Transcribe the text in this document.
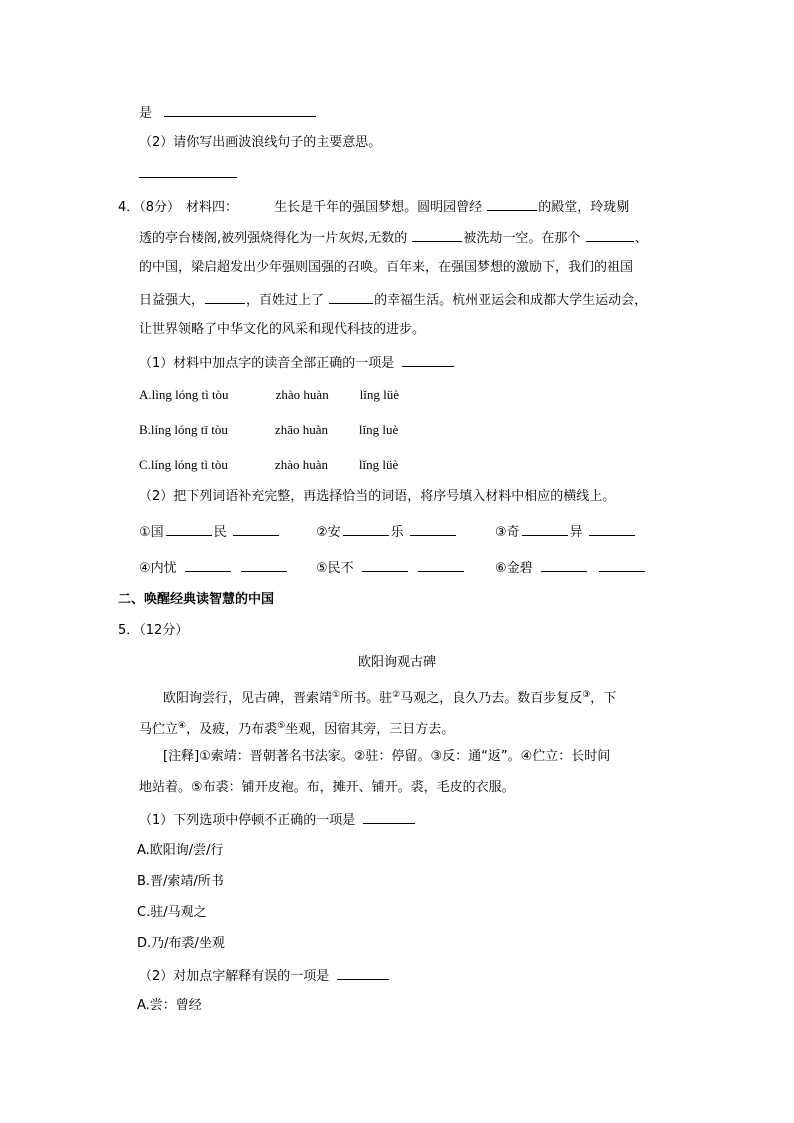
是
（2）请你写出画波浪线句子的主要意思。
4．（8分） 材料四：	生长是千年的强国梦想。圆明园曾经	的殿堂，玲珑剔
透的亭台楼阁,被列强烧得化为一片灰烬,无数的	被洗劫一空。在那个	、
的中国，梁启超发出少年强则国强的召唤。百年来，在强国梦想的激励下，我们的祖国
日益强大，	，百姓过上了	的幸福生活。杭州亚运会和成都大学生运动会，
让世界领略了中华文化的风采和现代科技的进步。
（1）材料中加点字的读音全部正确的一项是
A.lìng lóng tì tòu	zhào huàn lǐng lüè
B.líng lóng tī tòu	zhāo huàn lǐng luè
C.líng lóng tì tòu	zhào huàn lǐng lüè
（2）把下列词语补充完整，再选择恰当的词语，将序号填入材料中相应的横线上。
①国	民	②安	乐	③奇	异
④内忧	⑤民不	⑥金碧
二、唤醒经典读智慧的中国
5．（12分）
欧阳询观古碑
欧阳询尝行，见古碑，晋索靖①所书。驻②马观之，良久乃去。数百步复反③，下
马伫立④，及疲，乃布裘⑤坐观，因宿其旁，三日方去。
[注释]①索靖：晋朝著名书法家。②驻：停留。③反：通“返”。④伫立：长时间
地站着。⑤布裘：铺开皮袍。布，摊开、铺开。裘，毛皮的衣服。
（1）下列选项中停顿不正确的一项是
A.欧阳询/尝/行
B.晋/索靖/所书
C.驻/马观之
D.乃/布裘/坐观
（2）对加点字解释有误的一项是
A.尝：曾经
